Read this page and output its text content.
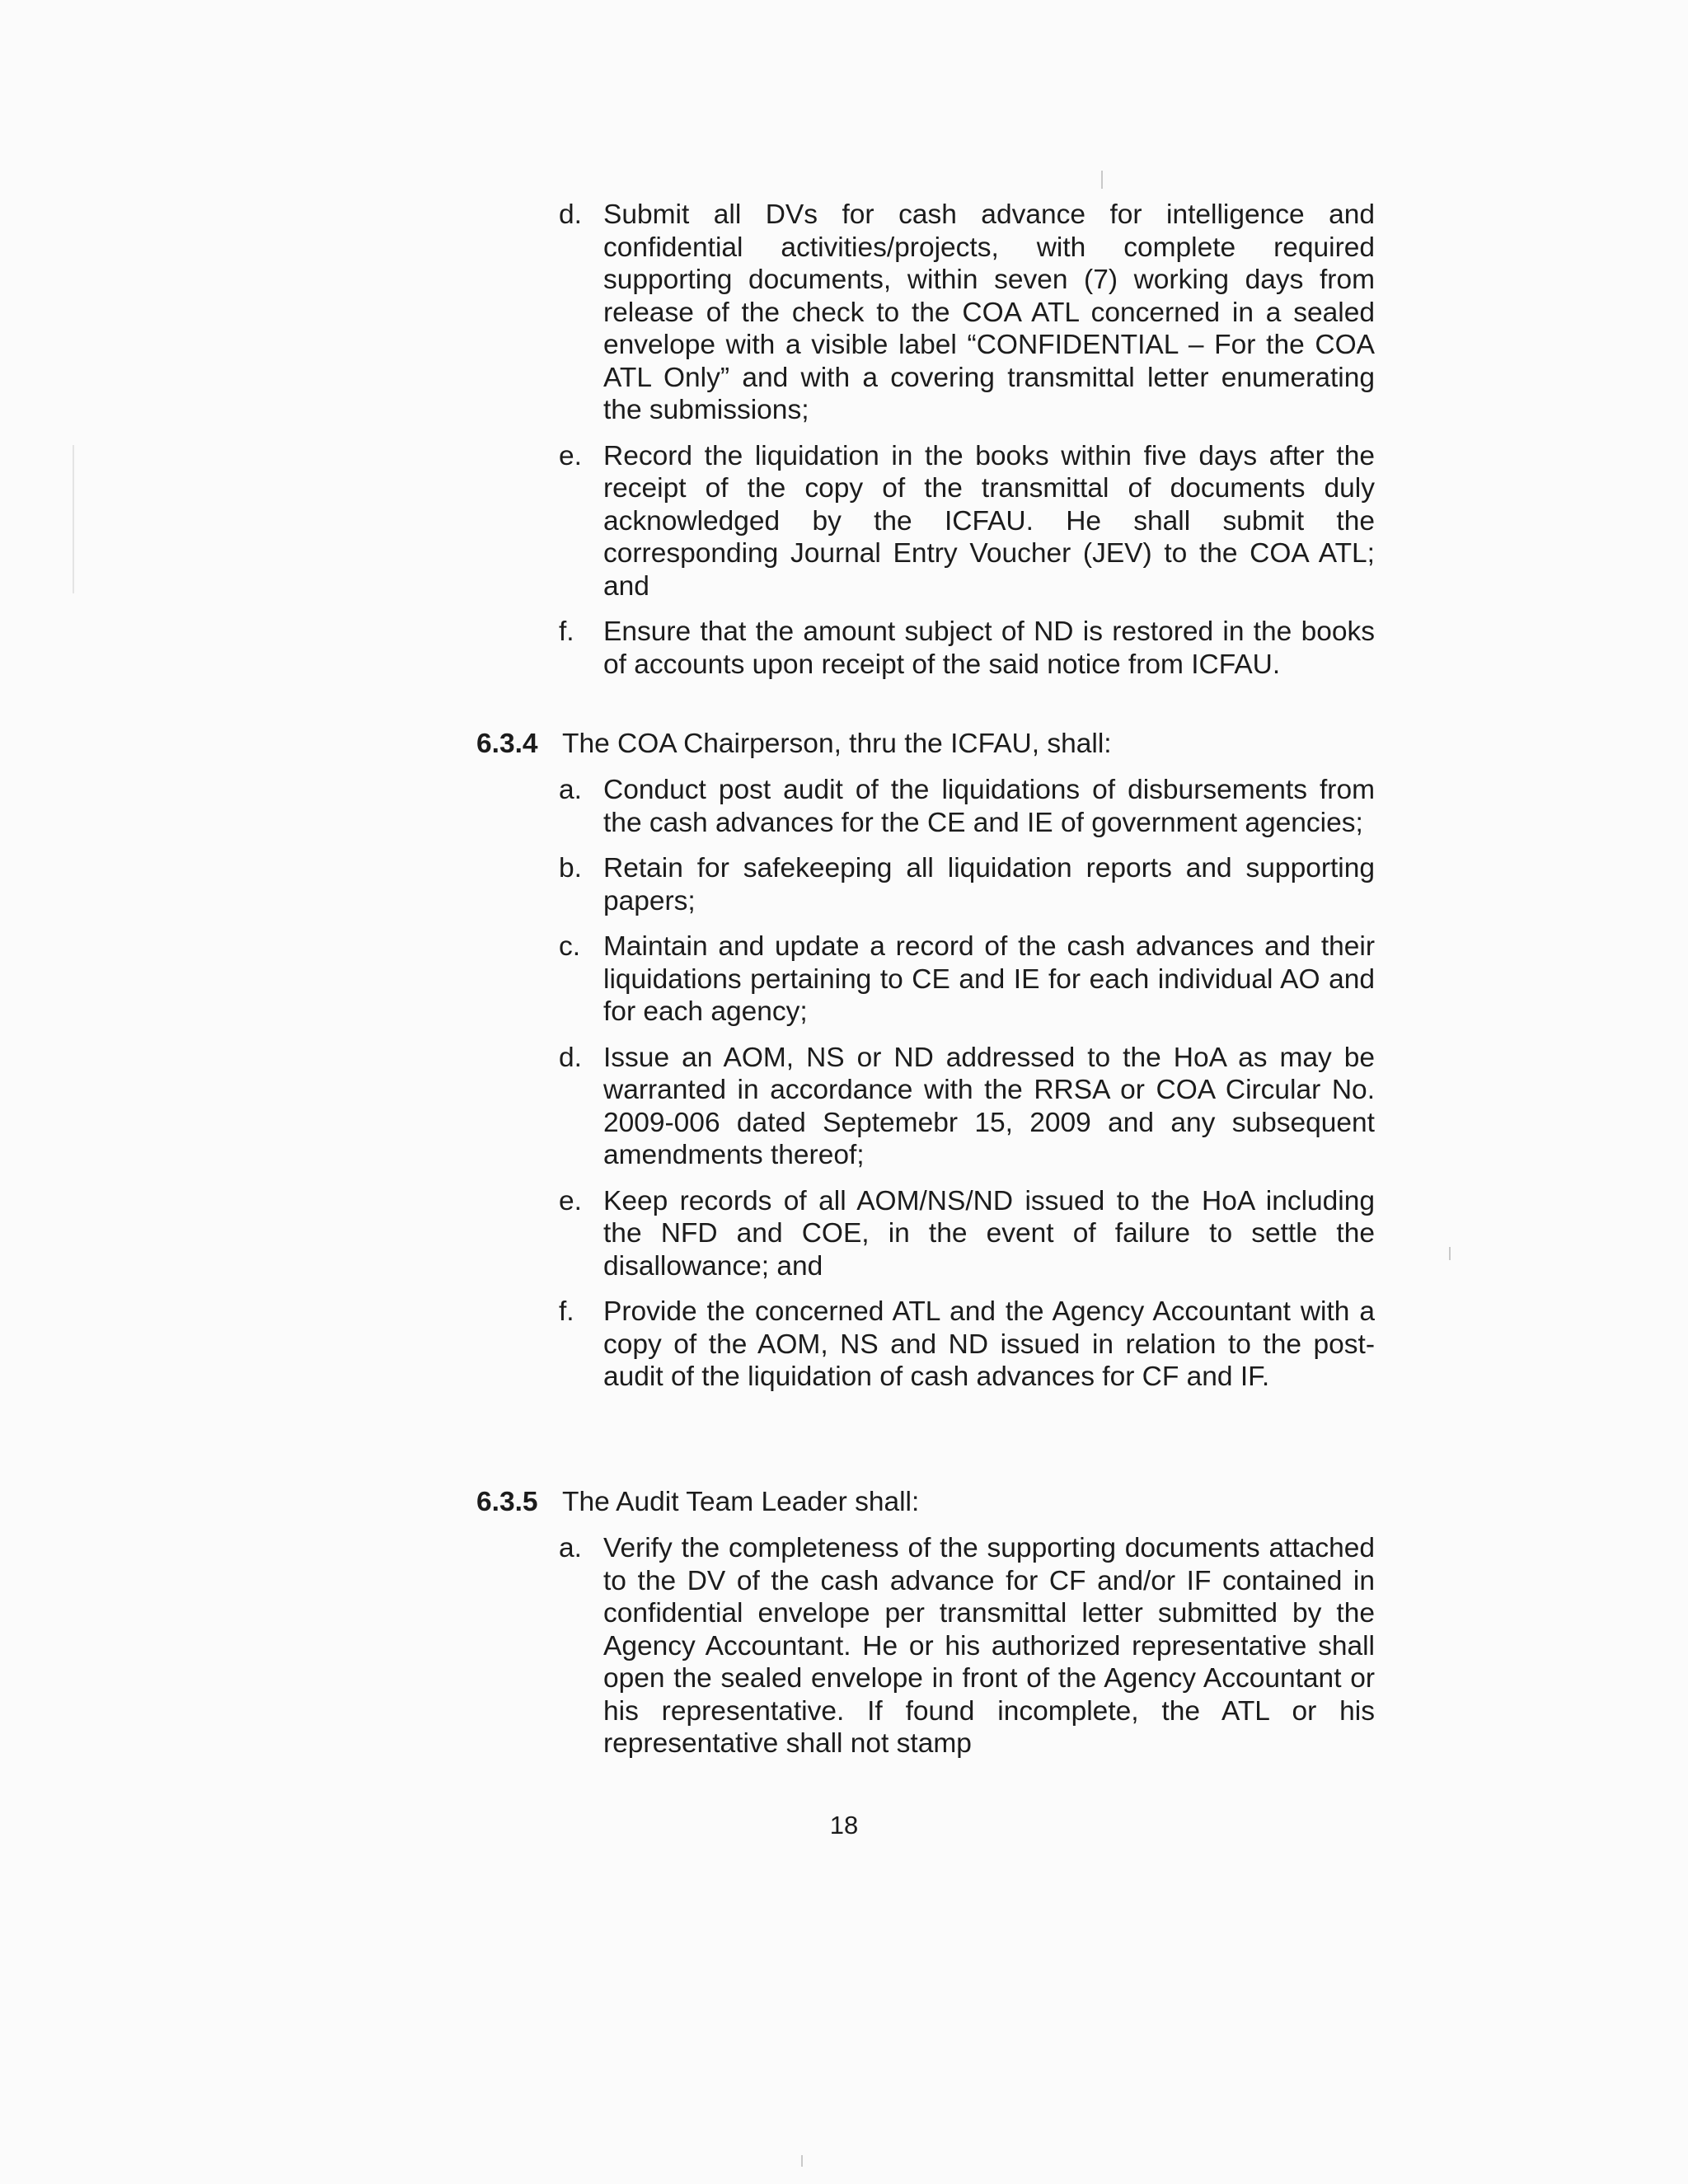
d. Submit all DVs for cash advance for intelligence and confidential activities/projects, with complete required supporting documents, within seven (7) working days from release of the check to the COA ATL concerned in a sealed envelope with a visible label “CONFIDENTIAL – For the COA ATL Only” and with a covering transmittal letter enumerating the submissions;
e. Record the liquidation in the books within five days after the receipt of the copy of the transmittal of documents duly acknowledged by the ICFAU. He shall submit the corresponding Journal Entry Voucher (JEV) to the COA ATL; and
f. Ensure that the amount subject of ND is restored in the books of accounts upon receipt of the said notice from ICFAU.
6.3.4 The COA Chairperson, thru the ICFAU, shall:
a. Conduct post audit of the liquidations of disbursements from the cash advances for the CE and IE of government agencies;
b. Retain for safekeeping all liquidation reports and supporting papers;
c. Maintain and update a record of the cash advances and their liquidations pertaining to CE and IE for each individual AO and for each agency;
d. Issue an AOM, NS or ND addressed to the HoA as may be warranted in accordance with the RRSA or COA Circular No. 2009-006 dated Septemebr 15, 2009 and any subsequent amendments thereof;
e. Keep records of all AOM/NS/ND issued to the HoA including the NFD and COE, in the event of failure to settle the disallowance; and
f. Provide the concerned ATL and the Agency Accountant with a copy of the AOM, NS and ND issued in relation to the post-audit of the liquidation of cash advances for CF and IF.
6.3.5 The Audit Team Leader shall:
a. Verify the completeness of the supporting documents attached to the DV of the cash advance for CF and/or IF contained in confidential envelope per transmittal letter submitted by the Agency Accountant. He or his authorized representative shall open the sealed envelope in front of the Agency Accountant or his representative. If found incomplete, the ATL or his representative shall not stamp
18
